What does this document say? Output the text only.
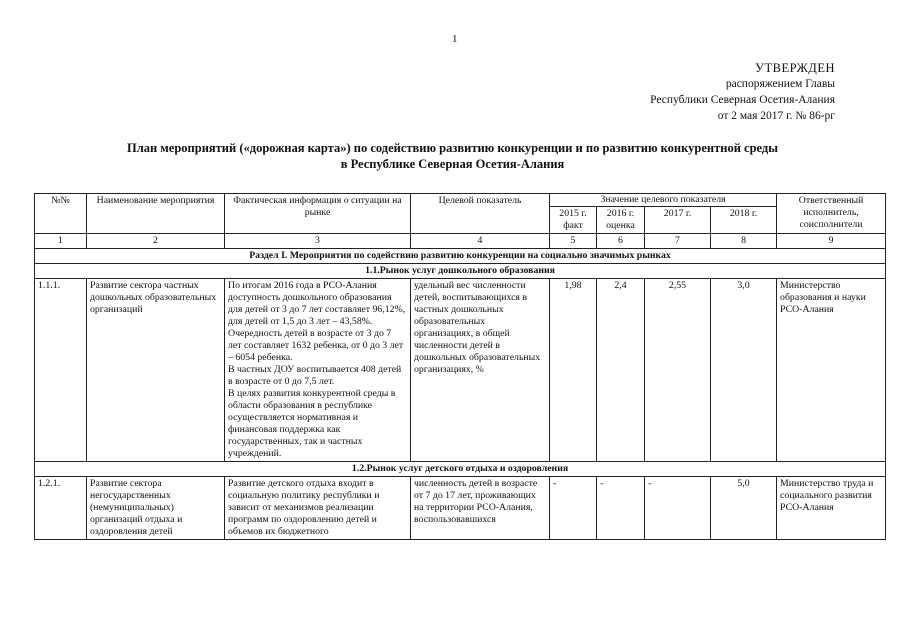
1
УТВЕРЖДЕН
распоряжением Главы
Республики Северная Осетия-Алания
от 2 мая 2017 г. № 86-рг
План мероприятий («дорожная карта») по содействию развитию конкуренции и по развитию конкурентной среды
в Республике Северная Осетия-Алания
№№	Наименование мероприятия	Фактическая информация о ситуации на рынке	Целевой показатель	Значение целевого показателя				Ответственный исполнитель, соисполнители
				2015 г. факт	2016 г. оценка	2017 г.	2018 г.	
1	2	3	4	5	6	7	8	9
Раздел I. Мероприятия по содействию развитию конкуренции на социально значимых рынках								
1.1.Рынок услуг дошкольного образования								
1.1.1.	Развитие сектора частных дошкольных образовательных организаций	По итогам 2016 года в РСО-Алания доступность дошкольного образования для детей от 3 до 7 лет составляет 96,12%, для детей от 1,5 до 3 лет – 43,58%.
Очередность детей в возрасте от 3 до 7 лет составляет 1632 ребенка, от 0 до 3 лет – 6054 ребенка.
В частных ДОУ воспитывается 408 детей в возрасте от 0 до 7,5 лет.
В целях развития конкурентной среды в области образования в республике осуществляется нормативная и финансовая поддержка как государственных, так и частных учреждений.	удельный вес численности детей, воспитывающихся в частных дошкольных образовательных организациях, в общей численности детей в дошкольных образовательных организациях, %	1,98	2,4	2,55	3,0	Министерство образования и науки РСО-Алания
1.2.Рынок услуг детского отдыха и оздоровления								
1.2.1.	Развитие сектора негосударственных (немуниципальных) организаций отдыха и оздоровления детей	Развитие детского отдыха входит в социальную политику республики и зависит от механизмов реализации программ по оздоровлению детей и объемов их бюджетного	численность детей в возрасте от 7 до 17 лет, проживающих на территории РСО-Алания, воспользовавшихся	-	-	-	5,0	Министерство труда и социального развития РСО-Алания
